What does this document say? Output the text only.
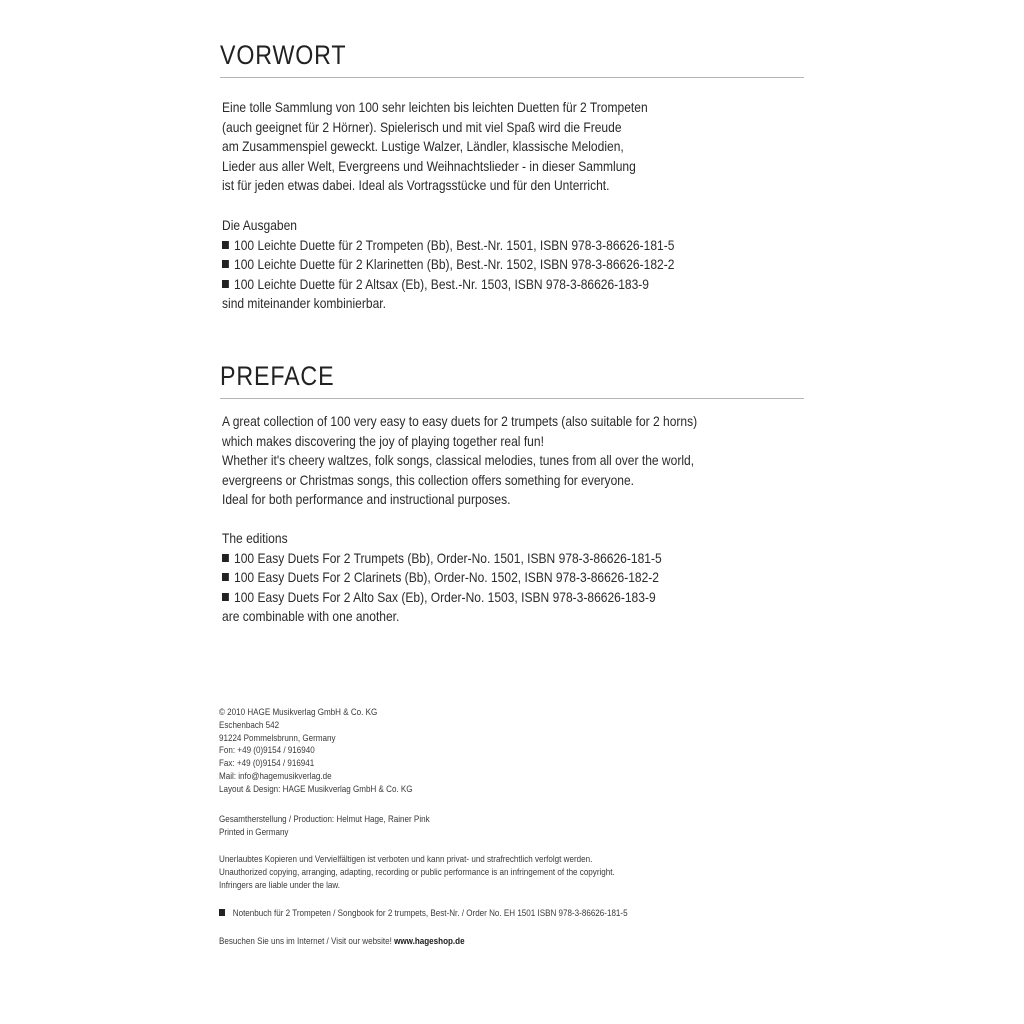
VORWORT
Eine tolle Sammlung von 100 sehr leichten bis leichten Duetten für 2 Trompeten
(auch geeignet für 2 Hörner). Spielerisch und mit viel Spaß wird die Freude
am Zusammenspiel geweckt. Lustige Walzer, Ländler, klassische Melodien,
Lieder aus aller Welt, Evergreens und Weihnachtslieder - in dieser Sammlung
ist für jeden etwas dabei. Ideal als Vortragsstücke und für den Unterricht.
Die Ausgaben
100 Leichte Duette für 2 Trompeten (Bb), Best.-Nr. 1501, ISBN 978-3-86626-181-5
100 Leichte Duette für 2 Klarinetten (Bb), Best.-Nr. 1502, ISBN 978-3-86626-182-2
100 Leichte Duette für 2 Altsax (Eb), Best.-Nr. 1503, ISBN 978-3-86626-183-9
sind miteinander kombinierbar.
PREFACE
A great collection of 100 very easy to easy duets for 2 trumpets (also suitable for 2 horns)
which makes discovering the joy of playing together real fun!
Whether it's cheery waltzes, folk songs, classical melodies, tunes from all over the world,
evergreens or Christmas songs, this collection offers something for everyone.
Ideal for both performance and instructional purposes.
The editions
100 Easy Duets For 2 Trumpets (Bb), Order-No. 1501, ISBN 978-3-86626-181-5
100 Easy Duets For 2 Clarinets (Bb), Order-No. 1502, ISBN 978-3-86626-182-2
100 Easy Duets For 2 Alto Sax (Eb), Order-No. 1503, ISBN 978-3-86626-183-9
are combinable with one another.
© 2010 HAGE Musikverlag GmbH & Co. KG
Eschenbach 542
91224 Pommelsbrunn, Germany
Fon: +49 (0)9154 / 916940
Fax: +49 (0)9154 / 916941
Mail: info@hagemusikverlag.de
Layout & Design: HAGE Musikverlag GmbH & Co. KG
Gesamtherstellung / Production: Helmut Hage, Rainer Pink
Printed in Germany
Unerlaubtes Kopieren und Vervielfältigen ist verboten und kann privat- und strafrechtlich verfolgt werden.
Unauthorized copying, arranging, adapting, recording or public performance is an infringement of the copyright.
Infringers are liable under the law.
Notenbuch für 2 Trompeten / Songbook for 2 trumpets, Best-Nr. / Order No. EH 1501 ISBN 978-3-86626-181-5
Besuchen Sie uns im Internet / Visit our website! www.hageshop.de
